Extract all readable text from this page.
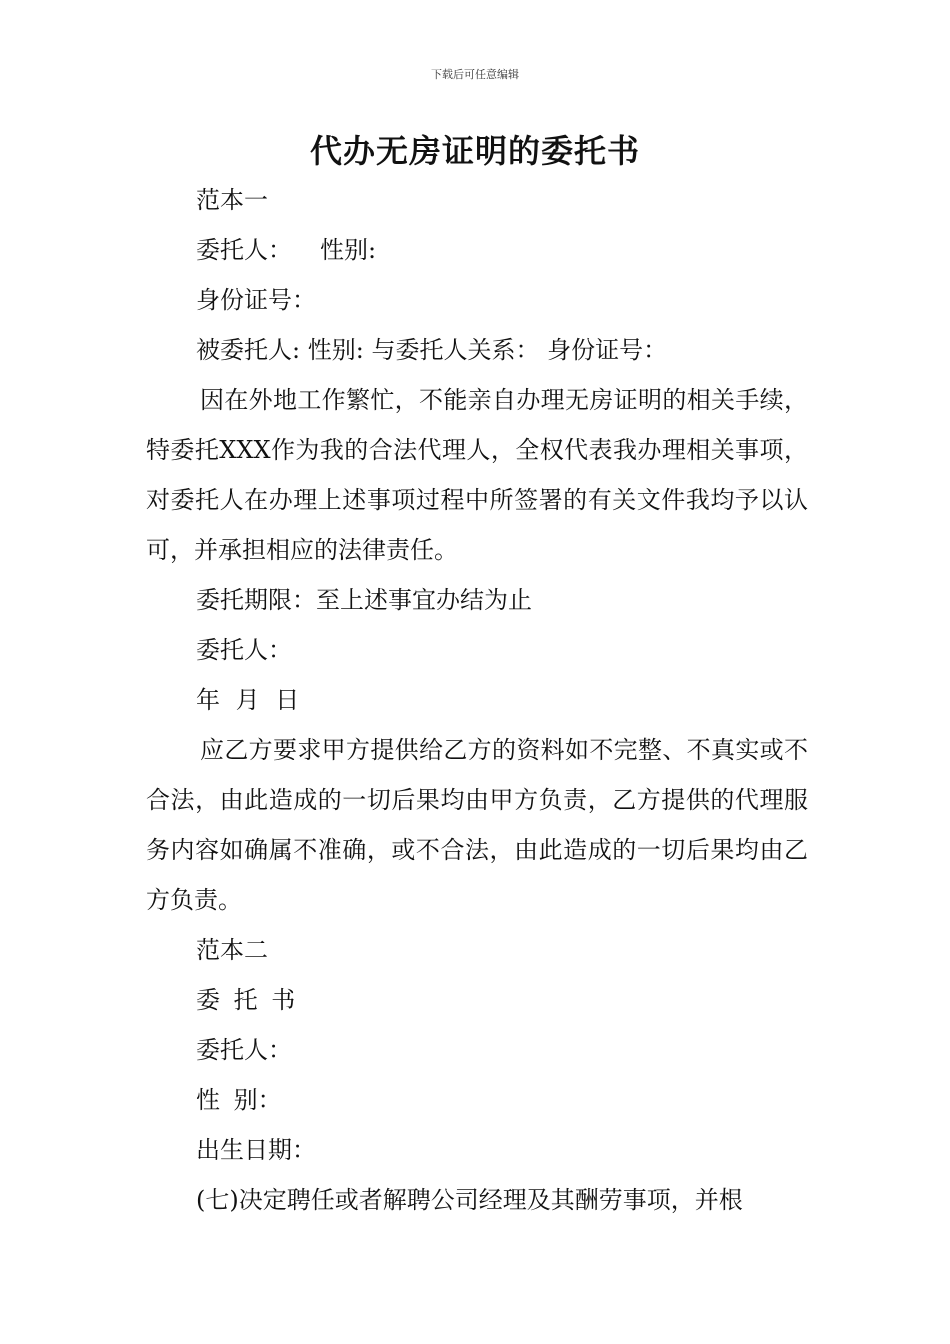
下载后可任意编辑
代办无房证明的委托书
范本一
委托人： 性别:
身份证号：
被委托人: 性别: 与委托人关系： 身份证号：
因在外地工作繁忙，不能亲自办理无房证明的相关手续，特委托XXX作为我的合法代理人，全权代表我办理相关事项，对委托人在办理上述事项过程中所签署的有关文件我均予以认可，并承担相应的法律责任。
委托期限：至上述事宜办结为止
委托人：
年 月 日
应乙方要求甲方提供给乙方的资料如不完整、不真实或不合法，由此造成的一切后果均由甲方负责，乙方提供的代理服务内容如确属不准确，或不合法，由此造成的一切后果均由乙方负责。
范本二
委 托 书
委托人：
性 别：
出生日期：
(七)决定聘任或者解聘公司经理及其酬劳事项，并根
